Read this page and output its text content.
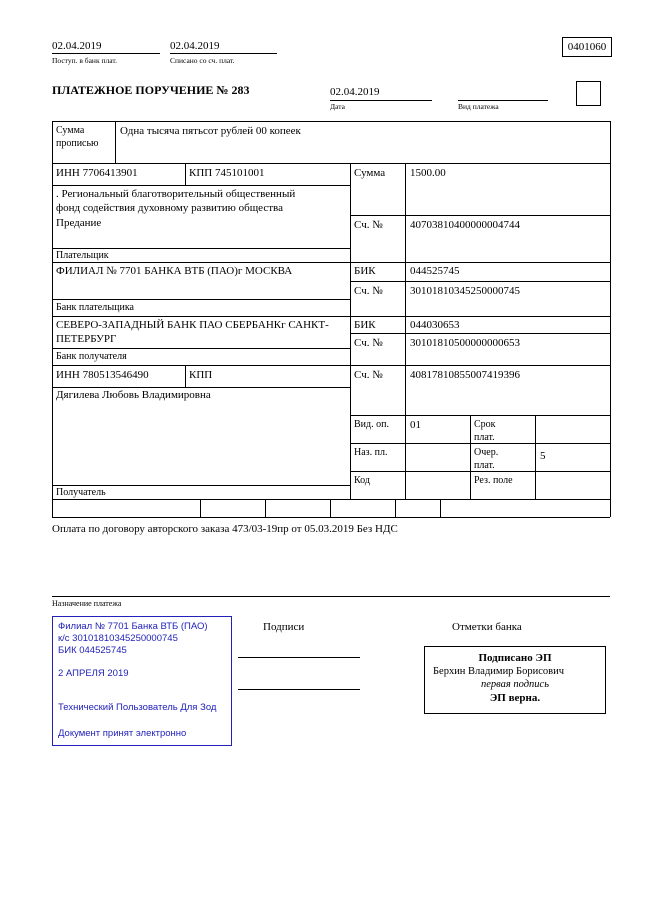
02.04.2019
Поступ. в банк плат.
02.04.2019
Списано со сч. плат.
0401060
ПЛАТЕЖНОЕ ПОРУЧЕНИЕ № 283	02.04.2019
Дата	Вид платежа
Сумма прописью
Одна тысяча пятьсот рублей 00 копеек
ИНН 7706413901	КПП 745101001	Сумма 1500.00
. Региональный благотворительный общественный фонд содействия духовному развитию общества Предание	Сч. № 40703810400000004744
Плательщик
ФИЛИАЛ № 7701 БАНКА ВТБ (ПАО)г МОСКВА	БИК	044525745
Сч. № 30101810345250000745
Банк плательщика
СЕВЕРО-ЗАПАДНЫЙ БАНК ПАО СБЕРБАНКг САНКТ-ПЕТЕРБУРГ
БИК	044030653
Сч. № 30101810500000000653
Банк получателя
ИНН 780513546490	КПП	Сч. № 40817810855007419396
Дягилева Любовь Владимировна
Получатель
Вид. оп. 01	Срок плат.
Наз. пл.	Очер. плат.
5
Код	Рез. поле
Оплата по договору авторского заказа 473/03-19пр от 05.03.2019 Без НДС
Назначение платежа
Филиал № 7701 Банка ВТБ (ПАО)
к/с 30101810345250000745
БИК 044525745
2 АПРЕЛЯ 2019
Технический Пользователь Для Зод
Документ принят электронно
Подписи	Отметки банка
Подписано ЭП
Берхин Владимир Борисович
первая подпись
ЭП верна.
